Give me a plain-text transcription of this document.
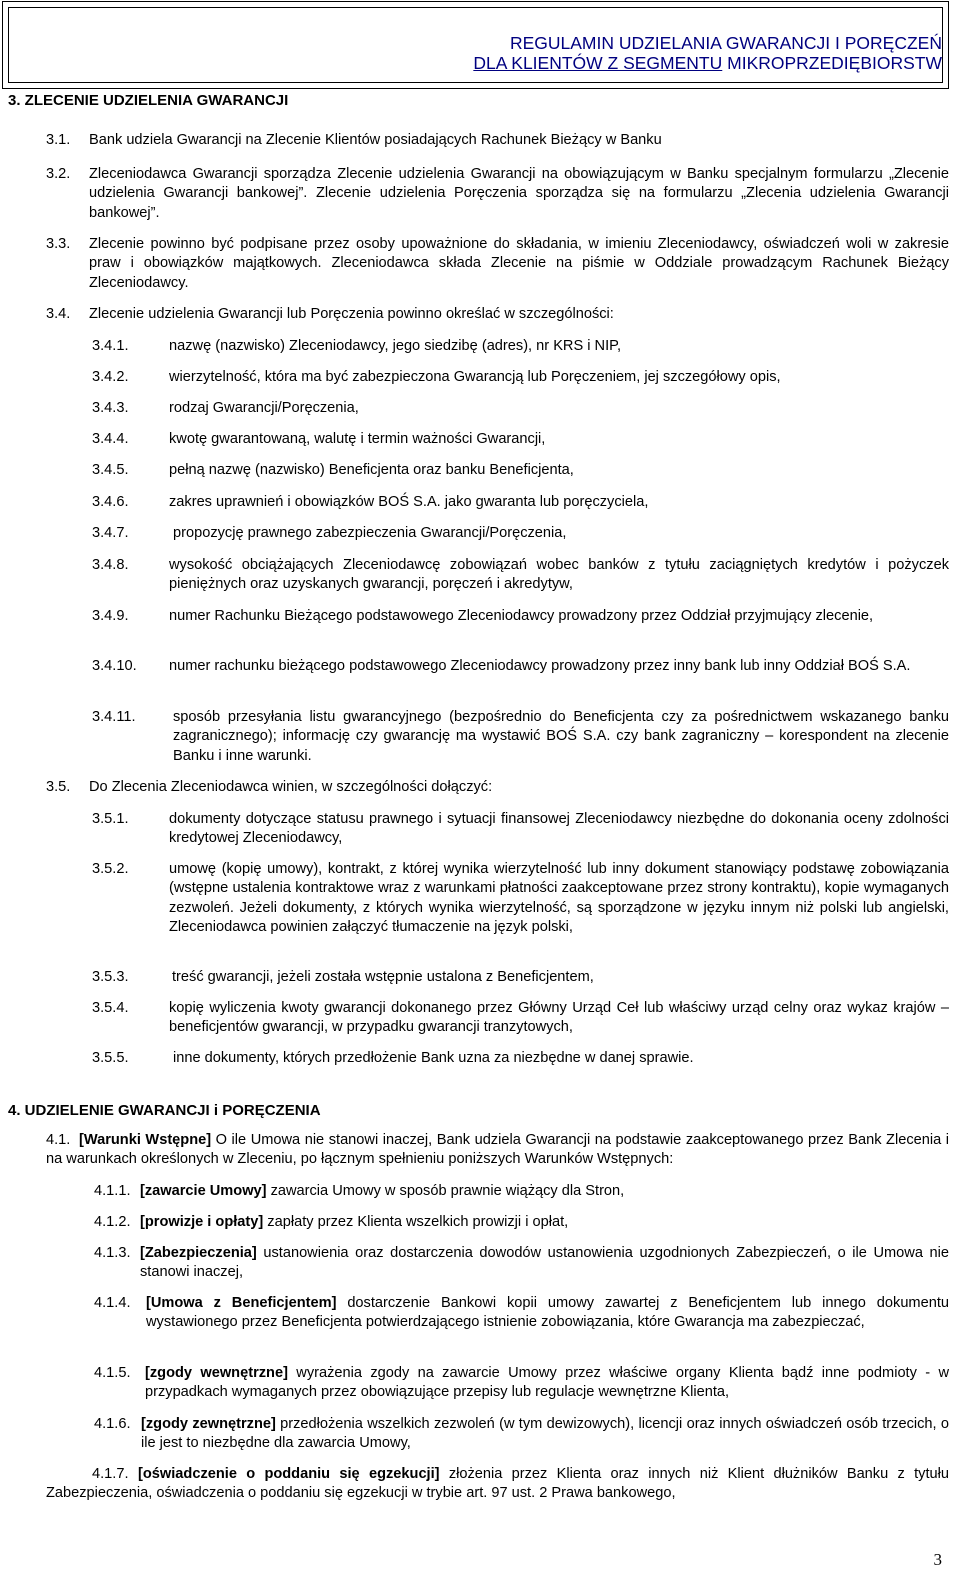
REGULAMIN UDZIELANIA GWARANCJI I PORĘCZEŃ
DLA KLIENTÓW Z SEGMENTU MIKROPRZEDIĘBIORSTW
3. ZLECENIE UDZIELENIA GWARANCJI
3.1. Bank udziela Gwarancji na Zlecenie Klientów posiadających Rachunek Bieżący w Banku
3.2. Zleceniodawca Gwarancji sporządza Zlecenie udzielenia Gwarancji na obowiązującym w Banku specjalnym formularzu „Zlecenie udzielenia Gwarancji bankowej”. Zlecenie udzielenia Poręczenia sporządza się na formularzu „Zlecenia udzielenia Gwarancji bankowej”.
3.3. Zlecenie powinno być podpisane przez osoby upoważnione do składania, w imieniu Zleceniodawcy, oświadczeń woli w zakresie praw i obowiązków majątkowych. Zleceniodawca składa Zlecenie na piśmie w Oddziale prowadzącym Rachunek Bieżący Zleceniodawcy.
3.4. Zlecenie udzielenia Gwarancji lub Poręczenia powinno określać w szczególności:
3.4.1.	nazwę (nazwisko) Zleceniodawcy, jego siedzibę (adres), nr KRS i NIP,
3.4.2.	wierzytelność, która ma być zabezpieczona Gwarancją lub Poręczeniem, jej szczegółowy opis,
3.4.3.	rodzaj Gwarancji/Poręczenia,
3.4.4.	kwotę gwarantowaną, walutę i termin ważności Gwarancji,
3.4.5.	pełną nazwę (nazwisko) Beneficjenta oraz banku Beneficjenta,
3.4.6.	zakres uprawnień i obowiązków BOŚ S.A. jako gwaranta lub poręczyciela,
3.4.7.	propozycję prawnego zabezpieczenia Gwarancji/Poręczenia,
3.4.8.	wysokość obciążających Zleceniodawcę zobowiązań wobec banków z tytułu zaciągniętych kredytów i pożyczek pieniężnych oraz uzyskanych gwarancji, poręczeń i akredytyw,
3.4.9.	numer Rachunku Bieżącego podstawowego Zleceniodawcy prowadzony przez Oddział przyjmujący zlecenie,
3.4.10. numer rachunku bieżącego podstawowego Zleceniodawcy prowadzony przez inny bank lub inny Oddział BOŚ S.A.
3.4.11.	sposób przesyłania listu gwarancyjnego (bezpośrednio do Beneficjenta czy za pośrednictwem wskazanego banku zagranicznego); informację czy gwarancję ma wystawić BOŚ S.A. czy bank zagraniczny – korespondent na zlecenie Banku i inne warunki.
3.5. Do Zlecenia Zleceniodawca winien, w szczególności dołączyć:
3.5.1.	dokumenty dotyczące statusu prawnego i sytuacji finansowej Zleceniodawcy niezbędne do dokonania oceny zdolności kredytowej Zleceniodawcy,
3.5.2.	umowę (kopię umowy), kontrakt, z której wynika wierzytelność lub inny dokument stanowiący podstawę zobowiązania (wstępne ustalenia kontraktowe wraz z warunkami płatności zaakceptowane przez strony kontraktu), kopie wymaganych zezwoleń. Jeżeli dokumenty, z których wynika wierzytelność, są sporządzone w języku innym niż polski lub angielski, Zleceniodawca powinien załączyć tłumaczenie na język polski,
3.5.3.	treść gwarancji, jeżeli została wstępnie ustalona z Beneficjentem,
3.5.4.	kopię wyliczenia kwoty gwarancji dokonanego przez Główny Urząd Ceł lub właściwy urząd celny oraz wykaz krajów – beneficjentów gwarancji, w przypadku gwarancji tranzytowych,
3.5.5.	inne dokumenty, których przedłożenie Bank uzna za niezbędne w danej sprawie.
4. UDZIELENIE GWARANCJI i PORĘCZENIA
4.1. [Warunki Wstępne] O ile Umowa nie stanowi inaczej, Bank udziela Gwarancji na podstawie zaakceptowanego przez Bank Zlecenia i na warunkach określonych w Zleceniu, po łącznym spełnieniu poniższych Warunków Wstępnych:
4.1.1. [zawarcie Umowy] zawarcia Umowy w sposób prawnie wiążący dla Stron,
4.1.2. [prowizje i opłaty] zapłaty przez Klienta wszelkich prowizji i opłat,
4.1.3. [Zabezpieczenia] ustanowienia oraz dostarczenia dowodów ustanowienia uzgodnionych Zabezpieczeń, o ile Umowa nie stanowi inaczej,
4.1.4. [Umowa z Beneficjentem] dostarczenie Bankowi kopii umowy zawartej z Beneficjentem lub innego dokumentu wystawionego przez Beneficjenta potwierdzającego istnienie zobowiązania, które Gwarancja ma zabezpieczać,
4.1.5. [zgody wewnętrzne] wyrażenia zgody na zawarcie Umowy przez właściwe organy Klienta bądź inne podmioty - w przypadkach wymaganych przez obowiązujące przepisy lub regulacje wewnętrzne Klienta,
4.1.6. [zgody zewnętrzne] przedłożenia wszelkich zezwoleń (w tym dewizowych), licencji oraz innych oświadczeń osób trzecich, o ile jest to niezbędne dla zawarcia Umowy,
4.1.7. [oświadczenie o poddaniu się egzekucji] złożenia przez Klienta oraz innych niż Klient dłużników Banku z tytułu Zabezpieczenia, oświadczenia o poddaniu się egzekucji w trybie art. 97 ust. 2 Prawa bankowego,
3
